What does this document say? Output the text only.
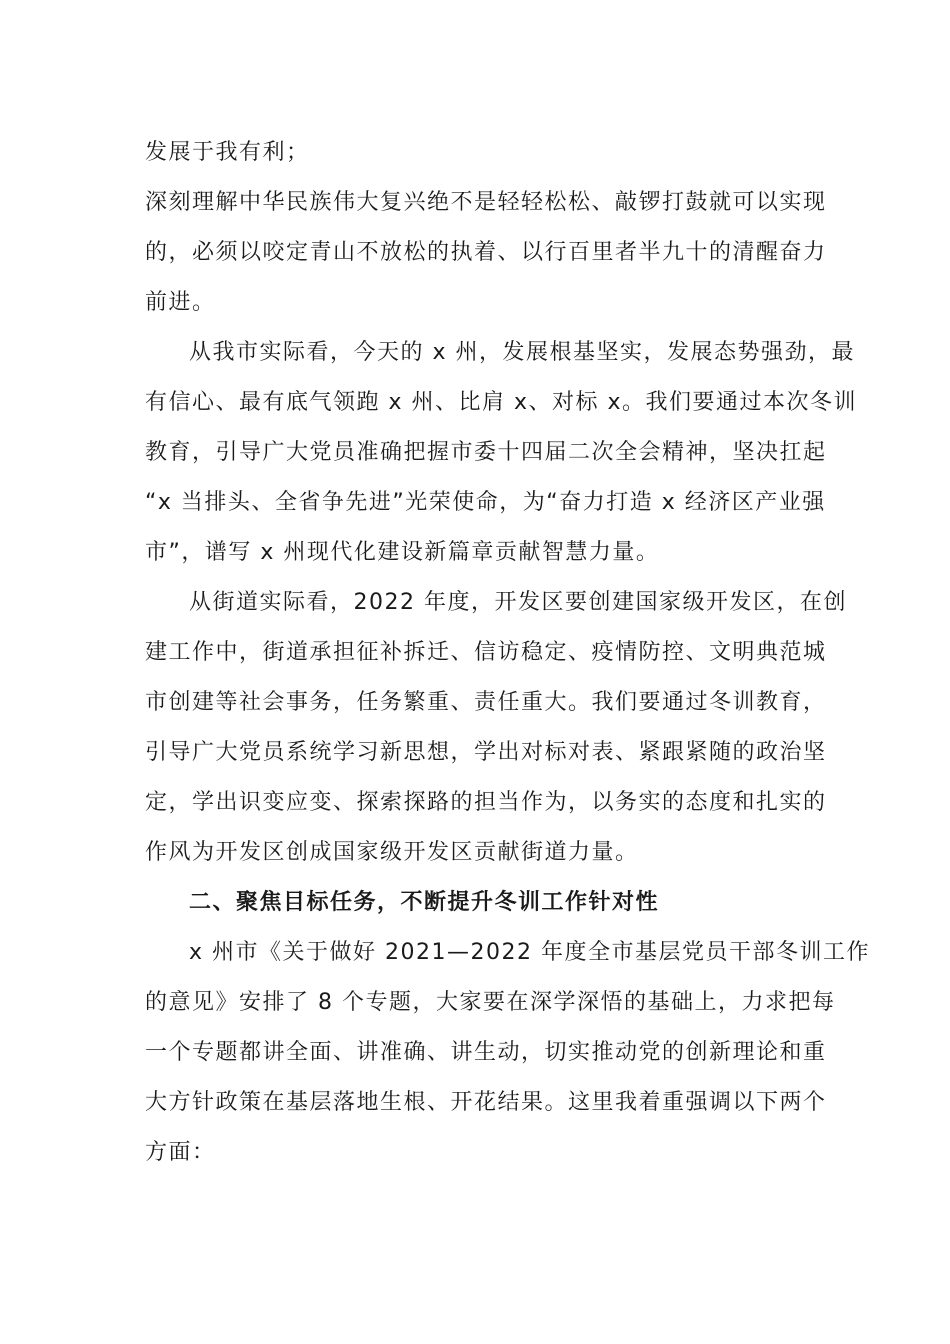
发展于我有利；
深刻理解中华民族伟大复兴绝不是轻轻松松、敲锣打鼓就可以实现
的，必须以咬定青山不放松的执着、以行百里者半九十的清醒奋力
前进。
从我市实际看，今天的 x 州，发展根基坚实，发展态势强劲，最
有信心、最有底气领跑 x 州、比肩 x、对标 x。我们要通过本次冬训
教育，引导广大党员准确把握市委十四届二次全会精神，坚决扛起
“x 当排头、全省争先进”光荣使命，为“奋力打造 x 经济区产业强
市”，谱写 x 州现代化建设新篇章贡献智慧力量。
从街道实际看，2022 年度，开发区要创建国家级开发区，在创
建工作中，街道承担征补拆迁、信访稳定、疫情防控、文明典范城
市创建等社会事务，任务繁重、责任重大。我们要通过冬训教育，
引导广大党员系统学习新思想，学出对标对表、紧跟紧随的政治坚
定，学出识变应变、探索探路的担当作为，以务实的态度和扎实的
作风为开发区创成国家级开发区贡献街道力量。
二、聚焦目标任务，不断提升冬训工作针对性
x 州市《关于做好 2021—2022 年度全市基层党员干部冬训工作
的意见》安排了 8 个专题，大家要在深学深悟的基础上，力求把每
一个专题都讲全面、讲准确、讲生动，切实推动党的创新理论和重
大方针政策在基层落地生根、开花结果。这里我着重强调以下两个
方面：
